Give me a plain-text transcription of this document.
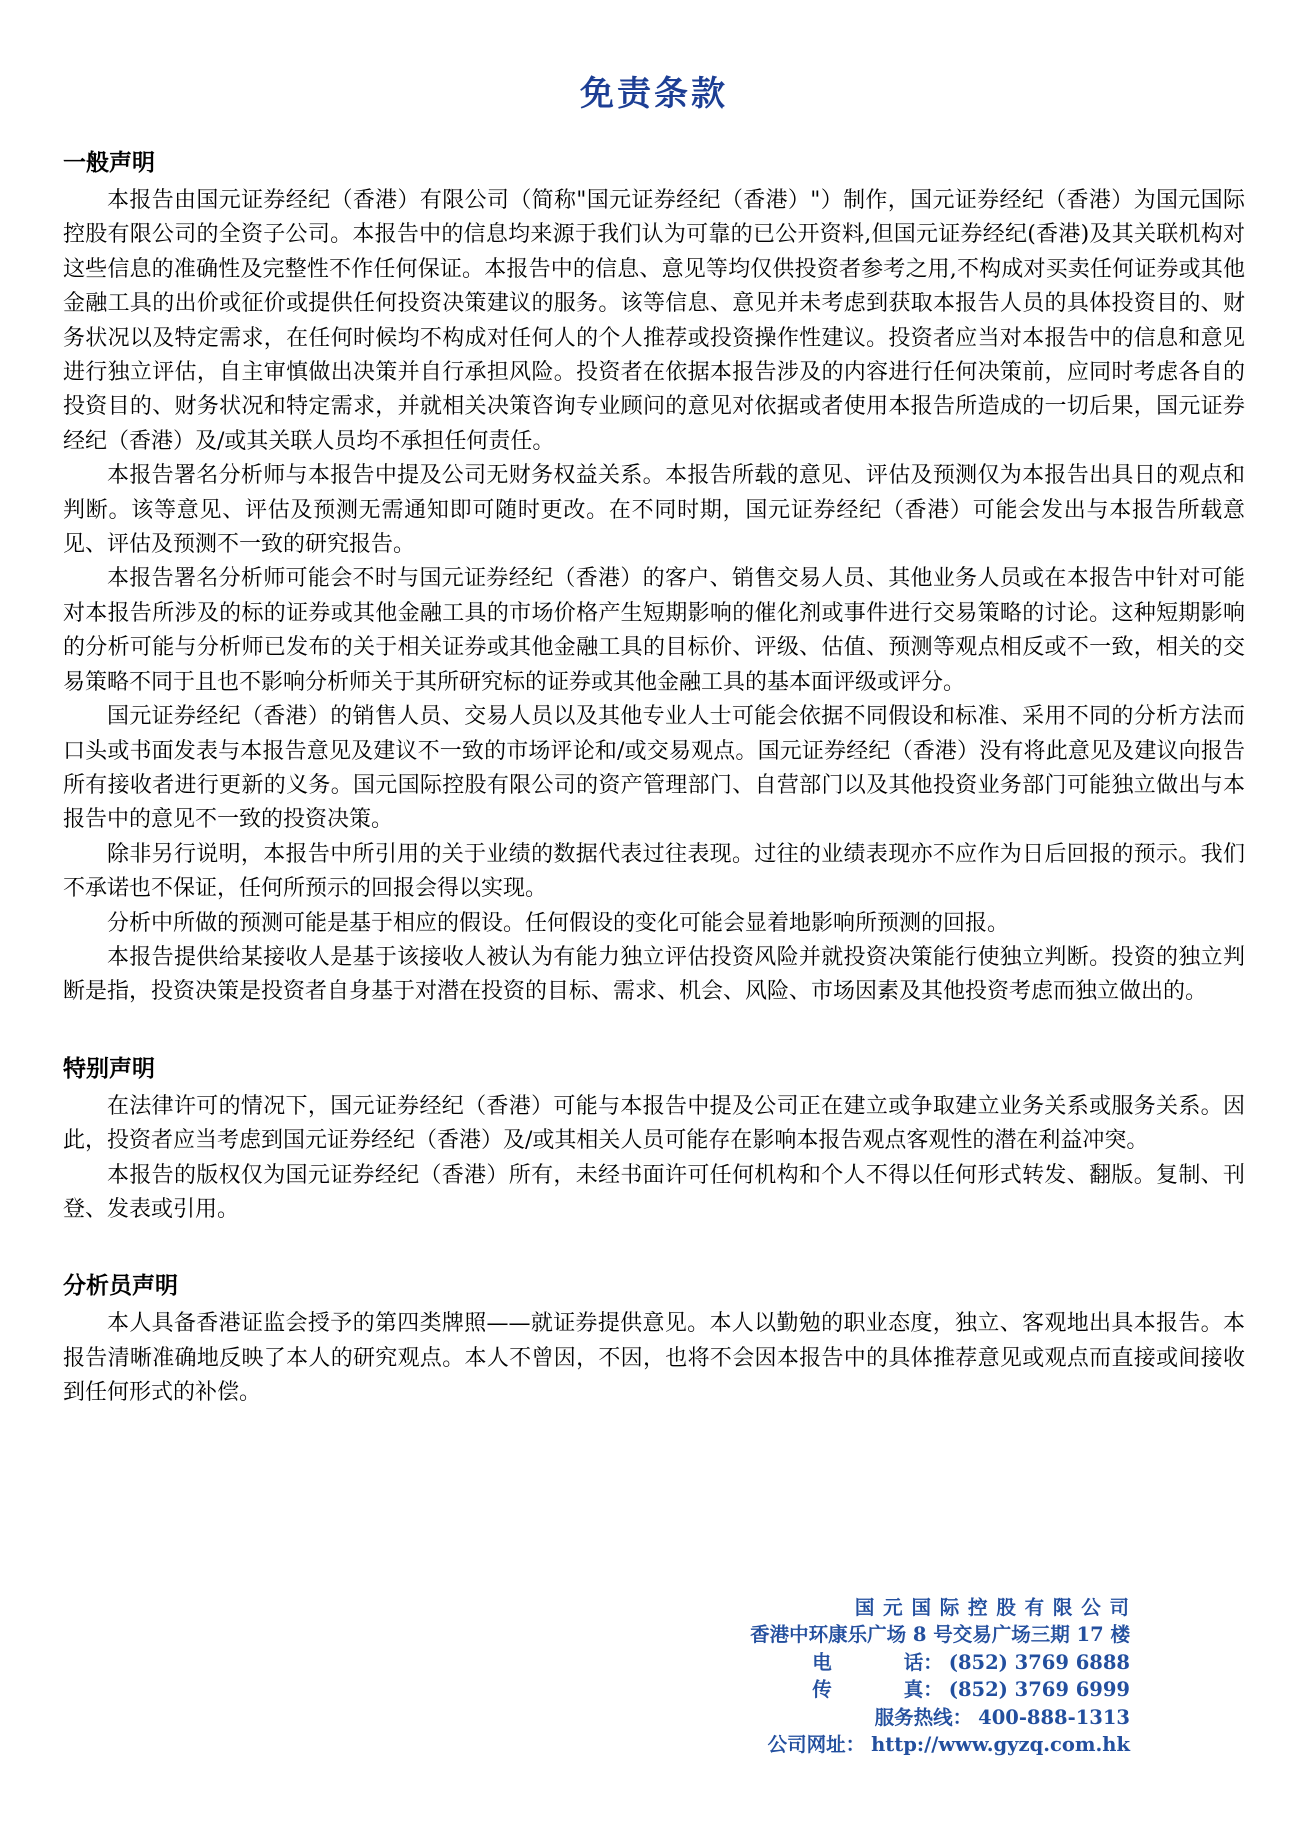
免责条款
一般声明

本报告由国元证券经纪（香港）有限公司（简称"国元证券经纪（香港）"）制作，国元证券经纪（香港）为国元国际控股有限公司的全资子公司。本报告中的信息均来源于我们认为可靠的已公开资料,但国元证券经纪(香港)及其关联机构对这些信息的准确性及完整性不作任何保证。本报告中的信息、意见等均仅供投资者参考之用,不构成对买卖任何证券或其他金融工具的出价或征价或提供任何投资决策建议的服务。该等信息、意见并未考虑到获取本报告人员的具体投资目的、财务状况以及特定需求，在任何时候均不构成对任何人的个人推荐或投资操作性建议。投资者应当对本报告中的信息和意见进行独立评估，自主审慎做出决策并自行承担风险。投资者在依据本报告涉及的内容进行任何决策前，应同时考虑各自的投资目的、财务状况和特定需求，并就相关决策咨询专业顾问的意见对依据或者使用本报告所造成的一切后果，国元证券经纪（香港）及/或其关联人员均不承担任何责任。

本报告署名分析师与本报告中提及公司无财务权益关系。本报告所载的意见、评估及预测仅为本报告出具日的观点和判断。该等意见、评估及预测无需通知即可随时更改。在不同时期，国元证券经纪（香港）可能会发出与本报告所载意见、评估及预测不一致的研究报告。

本报告署名分析师可能会不时与国元证券经纪（香港）的客户、销售交易人员、其他业务人员或在本报告中针对可能对本报告所涉及的标的证券或其他金融工具的市场价格产生短期影响的催化剂或事件进行交易策略的讨论。这种短期影响的分析可能与分析师已发布的关于相关证券或其他金融工具的目标价、评级、估值、预测等观点相反或不一致，相关的交易策略不同于且也不影响分析师关于其所研究标的证券或其他金融工具的基本面评级或评分。

国元证券经纪（香港）的销售人员、交易人员以及其他专业人士可能会依据不同假设和标准、采用不同的分析方法而口头或书面发表与本报告意见及建议不一致的市场评论和/或交易观点。国元证券经纪（香港）没有将此意见及建议向报告所有接收者进行更新的义务。国元国际控股有限公司的资产管理部门、自营部门以及其他投资业务部门可能独立做出与本报告中的意见不一致的投资决策。

除非另行说明，本报告中所引用的关于业绩的数据代表过往表现。过往的业绩表现亦不应作为日后回报的预示。我们不承诺也不保证，任何所预示的回报会得以实现。

分析中所做的预测可能是基于相应的假设。任何假设的变化可能会显着地影响所预测的回报。

本报告提供给某接收人是基于该接收人被认为有能力独立评估投资风险并就投资决策能行使独立判断。投资的独立判断是指，投资决策是投资者自身基于对潜在投资的目标、需求、机会、风险、市场因素及其他投资考虑而独立做出的。

特别声明

在法律许可的情况下，国元证券经纪（香港）可能与本报告中提及公司正在建立或争取建立业务关系或服务关系。因此，投资者应当考虑到国元证券经纪（香港）及/或其相关人员可能存在影响本报告观点客观性的潜在利益冲突。

本报告的版权仅为国元证券经纪（香港）所有，未经书面许可任何机构和个人不得以任何形式转发、翻版。复制、刊登、发表或引用。

分析员声明

本人具备香港证监会授予的第四类牌照——就证券提供意见。本人以勤勉的职业态度，独立、客观地出具本报告。本报告清晰准确地反映了本人的研究观点。本人不曾因，不因，也将不会因本报告中的具体推荐意见或观点而直接或间接收到任何形式的补偿。

国 元 国 际 控 股 有 限 公 司
香港中环康乐广场 8 号交易广场三期 17 楼
电	话： (852) 3769 6888
传	真： (852) 3769 6999
服务热线： 400-888-1313
公司网址： http://www.gyzq.com.hk
